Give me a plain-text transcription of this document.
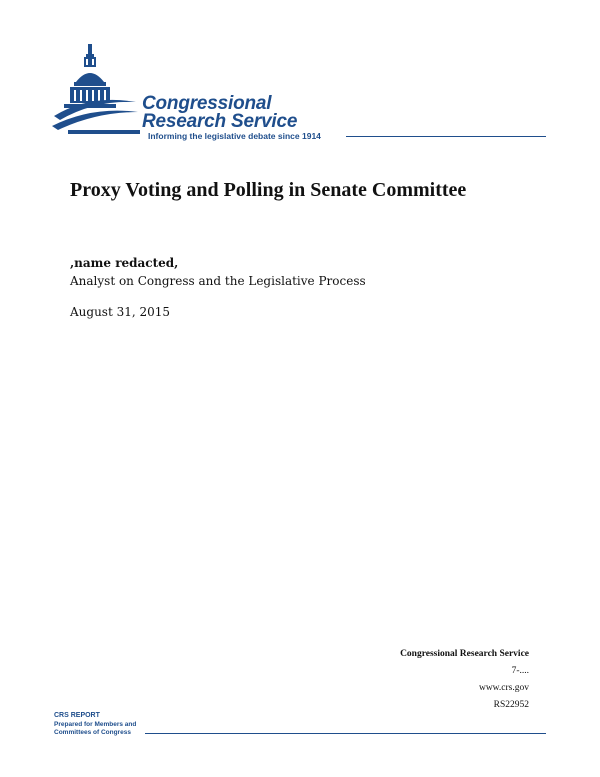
Congressional
Research Service
Informing the legislative debate since 1914
Proxy Voting and Polling in Senate Committee
,name redacted,
Analyst on Congress and the Legislative Process
August 31, 2015
Congressional Research Service
7-....
www.crs.gov
RS22952
CRS REPORT
Prepared for Members and
Committees of Congress
